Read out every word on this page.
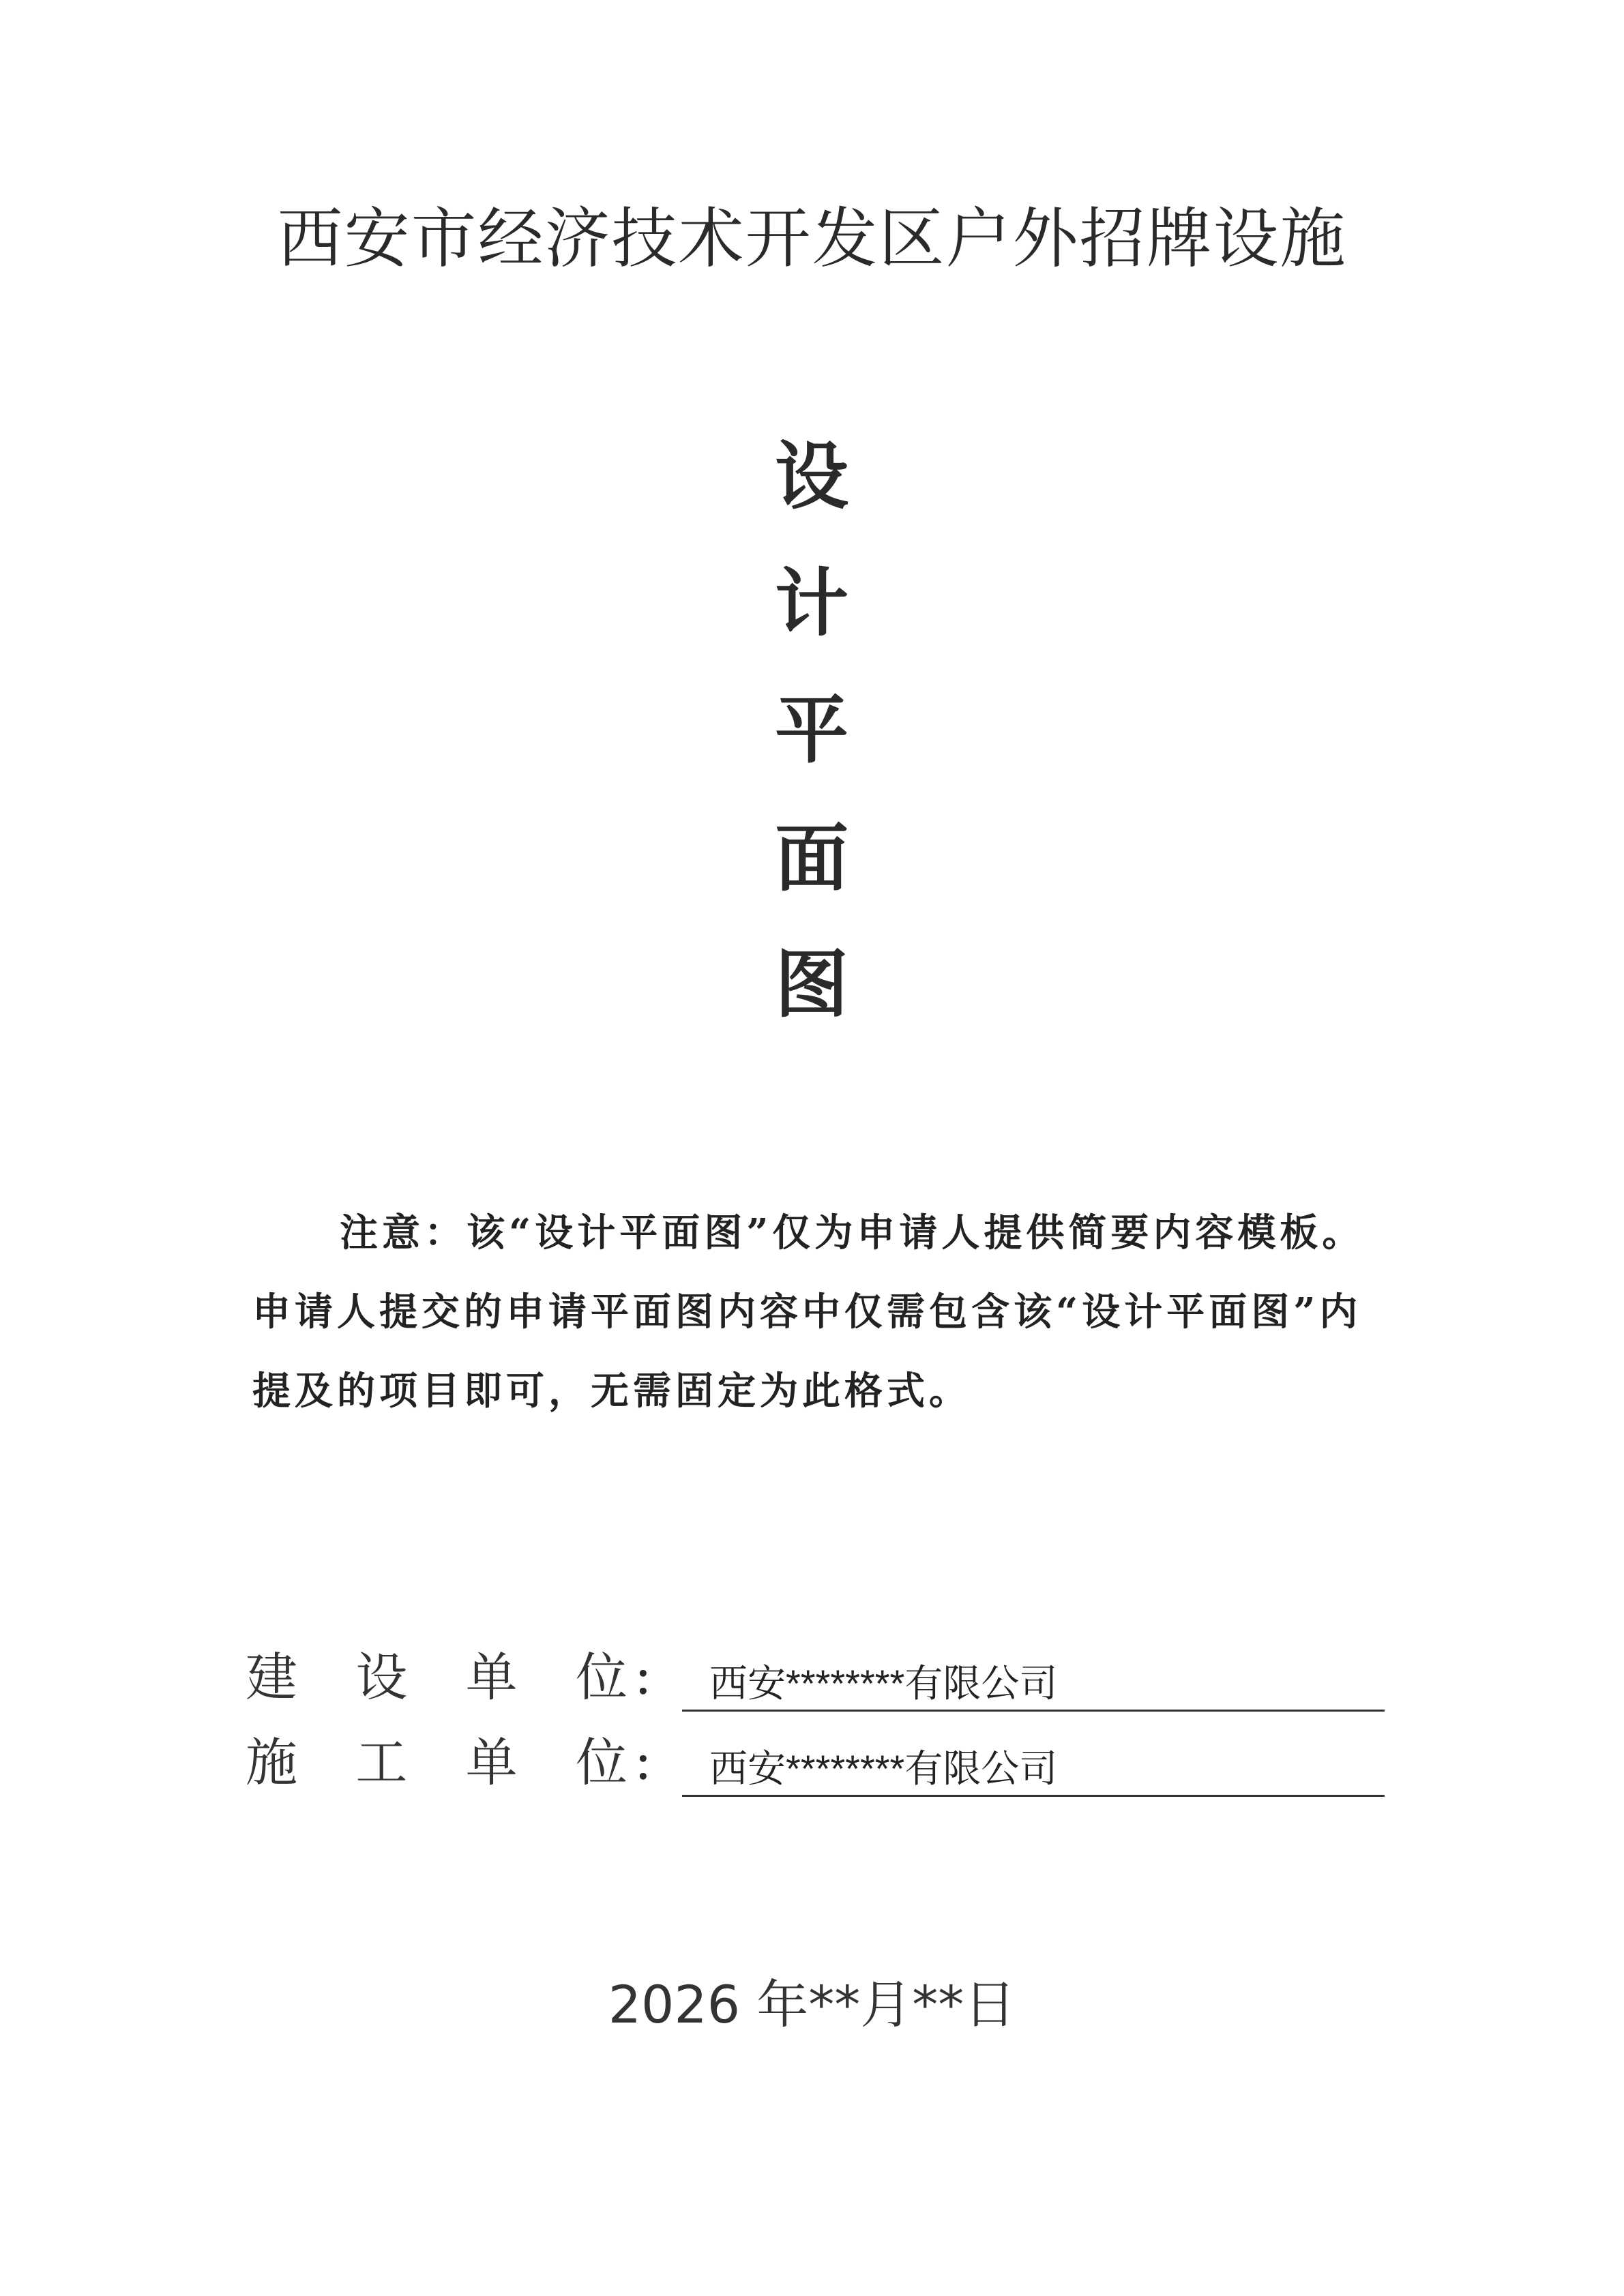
西安市经济技术开发区户外招牌设施
设
计
平
面
图
注意：该“设计平面图”仅为申请人提供简要内容模板。申请人提交的申请平面图内容中仅需包含该“设计平面图”内提及的项目即可，无需固定为此格式。
建 设 单 位 ： 西安********有限公司
施 工 单 位 ： 西安********有限公司
2026 年**月**日
